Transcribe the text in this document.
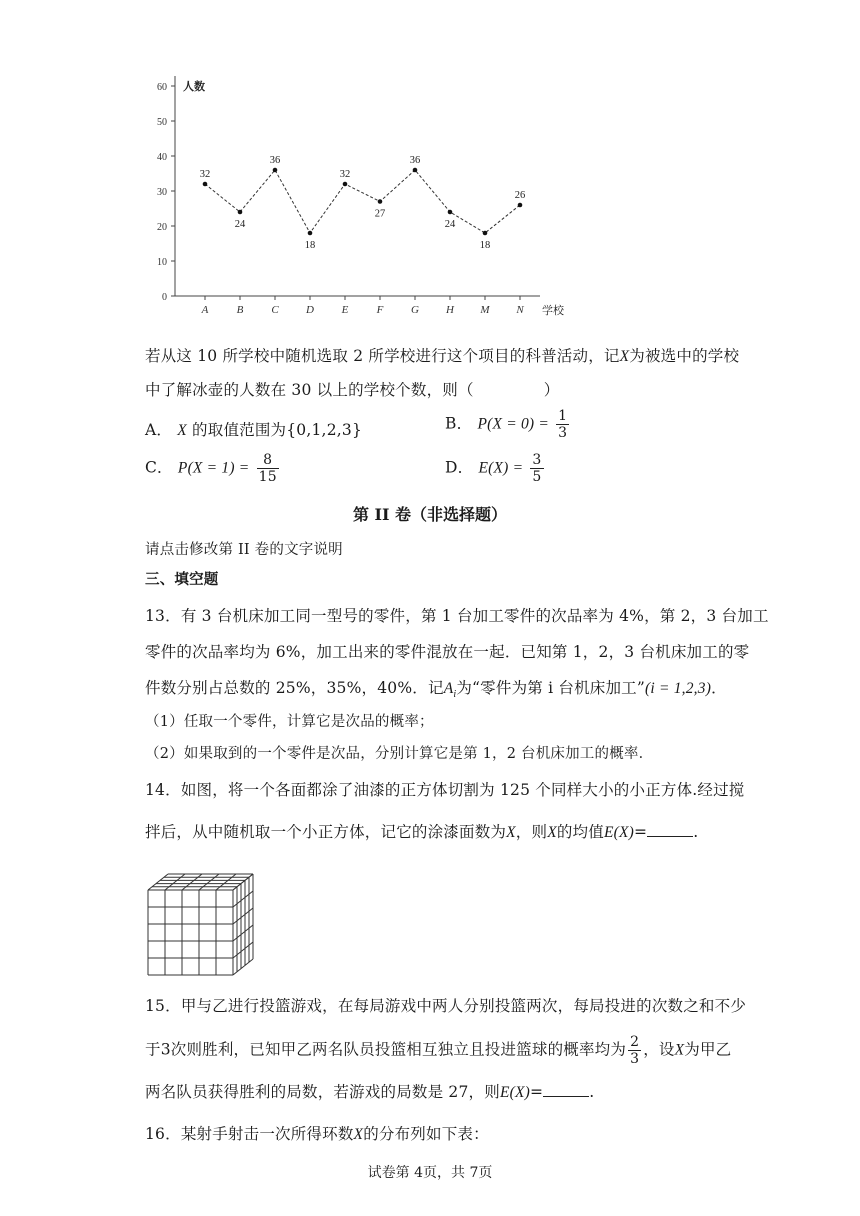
0
10
20
30
40
50
60 人数
A	B	C D	E	F	G H M N 学校
32
24
36
18
32
27
36
24
18
26
若从这 10 所学校中随机选取 2 所学校进行这个项目的科普活动，记X为被选中的学校
中了解冰壶的人数在 30 以上的学校个数，则（	）
A． X 的取值范围为{0,1,2,3}	B． $P(X = 0) = \frac{1}{3}$
C． $P(X = 1) = \frac{8}{15}$	D． $E(X) = \frac{3}{5}$
第 II 卷（非选择题）
请点击修改第 II 卷的文字说明
三、填空题
13．有 3 台机床加工同一型号的零件，第 1 台加工零件的次品率为 4%，第 2，3 台加工
零件的次品率均为 6%，加工出来的零件混放在一起．已知第 1，2，3 台机床加工的零
件数分别占总数的 25%，35%，40%．记$A_i$为“零件为第 i 台机床加工”(i = 1,2,3)．
（1）任取一个零件，计算它是次品的概率；
（2）如果取到的一个零件是次品，分别计算它是第 1，2 台机床加工的概率．
14．如图，将一个各面都涂了油漆的正方体切割为 125 个同样大小的小正方体.经过搅
拌后，从中随机取一个小正方体，记它的涂漆面数为X，则X的均值E(X)=	.
15．甲与乙进行投篮游戏，在每局游戏中两人分别投篮两次，每局投进的次数之和不少
于3次则胜利，已知甲乙两名队员投篮相互独立且投进篮球的概率均为 $\frac{2}{3}$ ，设X为甲乙
两名队员获得胜利的局数，若游戏的局数是 27，则E(X)=	.
16．某射手射击一次所得环数X的分布列如下表：
试卷第 4页，共 7页
